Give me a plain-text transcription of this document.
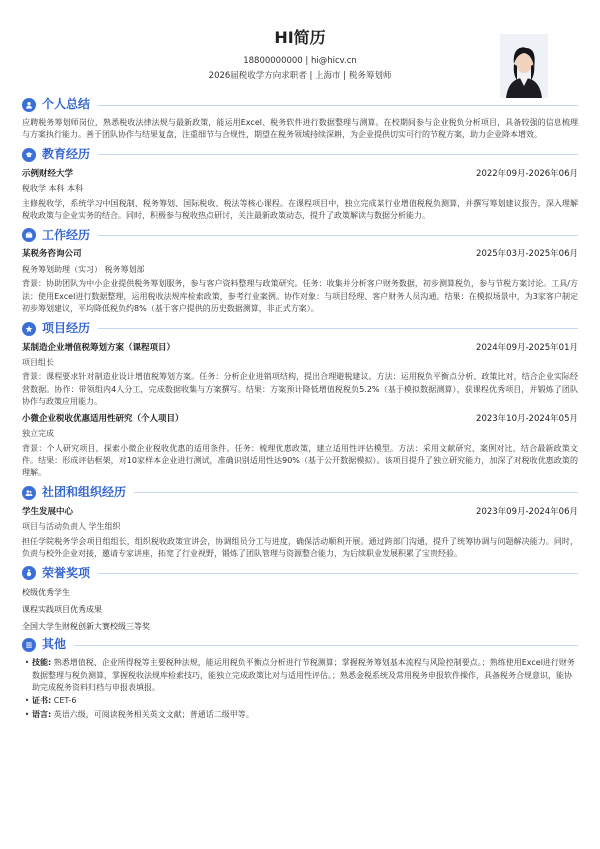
HI简历
18800000000 | hi@hicv.cn
2026届税收学方向求职者 | 上海市 | 税务筹划师
个人总结
应聘税务筹划师岗位，熟悉税收法律法规与最新政策，能运用Excel、税务软件进行数据整理与测算。在校期间参与企业税负分析项目，具备较强的信息梳理与方案执行能力。善于团队协作与结果复盘，注重细节与合规性，期望在税务领域持续深耕，为企业提供切实可行的节税方案，助力企业降本增效。
教育经历
示例财经大学	2022年09月-2026年06月
税收学 本科 本科
主修税收学，系统学习中国税制、税务筹划、国际税收、税法等核心课程。在课程项目中，独立完成某行业增值税税负测算，并撰写筹划建议报告，深入理解税收政策与企业实务的结合。同时，积极参与税收热点研讨，关注最新政策动态，提升了政策解读与数据分析能力。
工作经历
某税务咨询公司	2025年03月-2025年06月
税务筹划助理（实习） 税务筹划部
背景：协助团队为中小企业提供税务筹划服务，参与客户资料整理与政策研究。任务：收集并分析客户财务数据，初步测算税负，参与节税方案讨论。工具/方法：使用Excel进行数据整理，运用税收法规库检索政策，参考行业案例。协作对象：与项目经理、客户财务人员沟通。结果：在模拟场景中，为3家客户制定初步筹划建议，平均降低税负约8%（基于客户提供的历史数据测算，非正式方案）。
项目经历
某制造企业增值税筹划方案（课程项目）	2024年09月-2025年01月
项目组长
背景：课程要求针对制造业设计增值税筹划方案。任务：分析企业进销项结构，提出合理避税建议。方法：运用税负平衡点分析、政策比对，结合企业实际经营数据。协作：带领组内4人分工，完成数据收集与方案撰写。结果：方案预计降低增值税税负5.2%（基于模拟数据测算），获课程优秀项目，并锻炼了团队协作与政策应用能力。
小微企业税收优惠适用性研究（个人项目）	2023年10月-2024年05月
独立完成
背景：个人研究项目，探索小微企业税收优惠的适用条件。任务：梳理优惠政策，建立适用性评估模型。方法：采用文献研究、案例对比，结合最新政策文件。结果：形成评估框架，对10家样本企业进行测试，准确识别适用性达90%（基于公开数据模拟）。该项目提升了独立研究能力，加深了对税收优惠政策的理解。
社团和组织经历
学生发展中心	2023年09月-2024年06月
项目与活动负责人 学生组织
担任学院税务学会项目组组长，组织税收政策宣讲会，协调组员分工与进度，确保活动顺利开展。通过跨部门沟通，提升了统筹协调与问题解决能力。同时，负责与校外企业对接，邀请专家讲座，拓宽了行业视野，锻炼了团队管理与资源整合能力，为后续职业发展积累了宝贵经验。
荣誉奖项
校级优秀学生
课程实践项目优秀成果
全国大学生财税创新大赛校级三等奖
其他
• 技能: 熟悉增值税、企业所得税等主要税种法规，能运用税负平衡点分析进行节税测算；掌握税务筹划基本流程与风险控制要点。；熟练使用Excel进行财务数据整理与税负测算，掌握税收法规库检索技巧，能独立完成政策比对与适用性评估。；熟悉金税系统及常用税务申报软件操作，具备税务合规意识，能协助完成税务资料归档与申报表填报。
• 证书: CET-6
• 语言: 英语六级，可阅读税务相关英文文献；普通话二级甲等。
